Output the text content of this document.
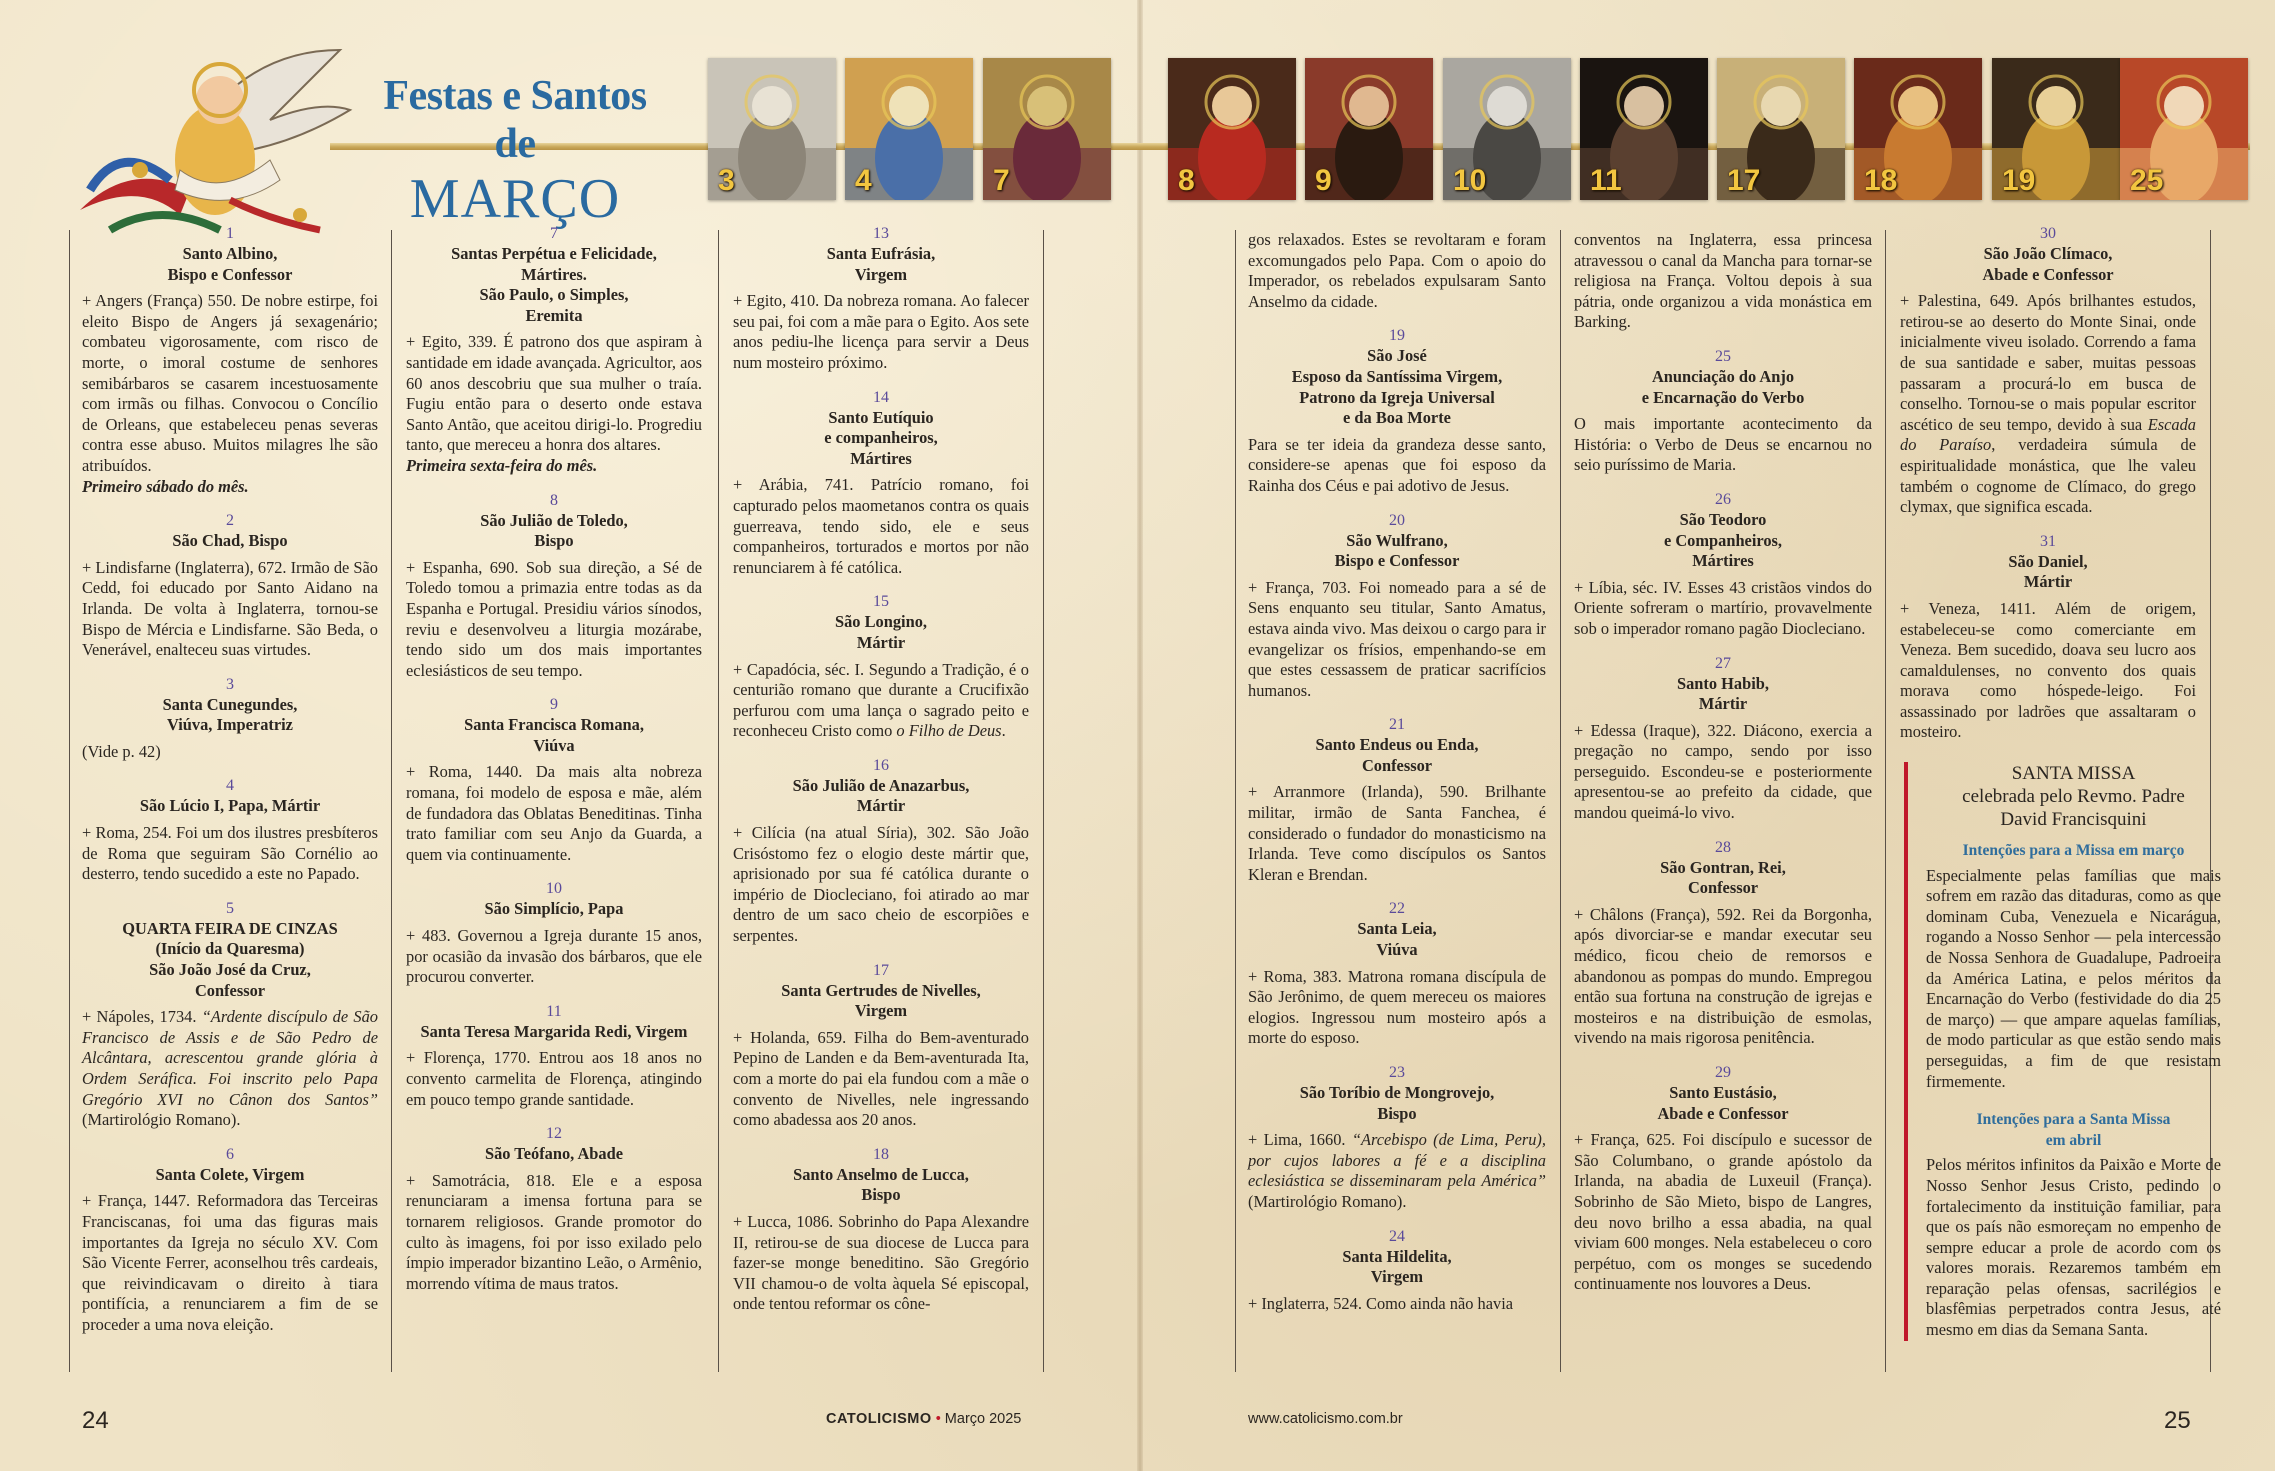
Festas e Santos de
MARÇO	3	4	7	8	9	10	11	17	18	19	25
1
Santo Albino,
Bispo e Confessor
+ Angers (França) 550. De nobre estirpe, foi eleito Bispo de Angers já sexagenário; combateu vigorosamente, com risco de morte, o imoral costume de senhores semibárbaros se casarem incestuosamente com irmãs ou filhas. Convocou o Concílio de Orleans, que estabeleceu penas severas contra esse abuso. Muitos milagres lhe são atribuídos.
Primeiro sábado do mês.
2
São Chad, Bispo
+ Lindisfarne (Inglaterra), 672. Irmão de São Cedd, foi educado por Santo Aidano na Irlanda. De volta à Inglaterra, tornou-se Bispo de Mércia e Lindisfarne. São Beda, o Venerável, enalteceu suas virtudes.
3
Santa Cunegundes,
Viúva, Imperatriz
(Vide p. 42)
4
São Lúcio I, Papa, Mártir
+ Roma, 254. Foi um dos ilustres presbíteros de Roma que seguiram São Cornélio ao desterro, tendo sucedido a este no Papado.
5
QUARTA FEIRA DE CINZAS
(Início da Quaresma)
São João José da Cruz,
Confessor
+ Nápoles, 1734. “Ardente discípulo de São Francisco de Assis e de São Pedro de Alcântara, acrescentou grande glória à Ordem Seráfica. Foi inscrito pelo Papa Gregório XVI no Cânon dos Santos” (Martirológio Romano).
6
Santa Colete, Virgem
+ França, 1447. Reformadora das Terceiras Franciscanas, foi uma das figuras mais importantes da Igreja no século XV. Com São Vicente Ferrer, aconselhou três cardeais, que reivindicavam o direito à tiara pontifícia, a renunciarem a fim de se proceder a uma nova eleição.
7
Santas Perpétua e Felicidade,
Mártires.
São Paulo, o Simples,
Eremita
+ Egito, 339. É patrono dos que aspiram à santidade em idade avançada. Agricultor, aos 60 anos descobriu que sua mulher o traía. Fugiu então para o deserto onde estava Santo Antão, que aceitou dirigi-lo. Progrediu tanto, que mereceu a honra dos altares.
Primeira sexta-feira do mês.
8
São Julião de Toledo,
Bispo
+ Espanha, 690. Sob sua direção, a Sé de Toledo tomou a primazia entre todas as da Espanha e Portugal. Presidiu vários sínodos, reviu e desenvolveu a liturgia mozárabe, tendo sido um dos mais importantes eclesiásticos de seu tempo.
9
Santa Francisca Romana,
Viúva
+ Roma, 1440. Da mais alta nobreza romana, foi modelo de esposa e mãe, além de fundadora das Oblatas Beneditinas. Tinha trato familiar com seu Anjo da Guarda, a quem via continuamente.
10
São Simplício, Papa
+ 483. Governou a Igreja durante 15 anos, por ocasião da invasão dos bárbaros, que ele procurou converter.
11
Santa Teresa Margarida Redi, Virgem
+ Florença, 1770. Entrou aos 18 anos no convento carmelita de Florença, atingindo em pouco tempo grande santidade.
12
São Teófano, Abade
+ Samotrácia, 818. Ele e a esposa renunciaram a imensa fortuna para se tornarem religiosos. Grande promotor do culto às imagens, foi por isso exilado pelo ímpio imperador bizantino Leão, o Armênio, morrendo vítima de maus tratos.
13
Santa Eufrásia,
Virgem
+ Egito, 410. Da nobreza romana. Ao falecer seu pai, foi com a mãe para o Egito. Aos sete anos pediu-lhe licença para servir a Deus num mosteiro próximo.
14
Santo Eutíquio
e companheiros,
Mártires
+ Arábia, 741. Patrício romano, foi capturado pelos maometanos contra os quais guerreava, tendo sido, ele e seus companheiros, torturados e mortos por não renunciarem à fé católica.
15
São Longino,
Mártir
+ Capadócia, séc. I. Segundo a Tradição, é o centurião romano que durante a Crucifixão perfurou com uma lança o sagrado peito e reconheceu Cristo como o Filho de Deus.
16
São Julião de Anazarbus,
Mártir
+ Cilícia (na atual Síria), 302. São João Crisóstomo fez o elogio deste mártir que, aprisionado por sua fé católica durante o império de Diocleciano, foi atirado ao mar dentro de um saco cheio de escorpiões e serpentes.
17
Santa Gertrudes de Nivelles,
Virgem
+ Holanda, 659. Filha do Bem-aventurado Pepino de Landen e da Bem-aventurada Ita, com a morte do pai ela fundou com a mãe o convento de Nivelles, nele ingressando como abadessa aos 20 anos.
18
Santo Anselmo de Lucca,
Bispo
+ Lucca, 1086. Sobrinho do Papa Alexandre II, retirou-se de sua diocese de Lucca para fazer-se monge beneditino. São Gregório VII chamou-o de volta àquela Sé episcopal, onde tentou reformar os cône-
gos relaxados. Estes se revoltaram e foram excomungados pelo Papa. Com o apoio do Imperador, os rebelados expulsaram Santo Anselmo da cidade.
19
São José
Esposo da Santíssima Virgem,
Patrono da Igreja Universal
e da Boa Morte
Para se ter ideia da grandeza desse santo, considere-se apenas que foi esposo da Rainha dos Céus e pai adotivo de Jesus.
20
São Wulfrano,
Bispo e Confessor
+ França, 703. Foi nomeado para a sé de Sens enquanto seu titular, Santo Amatus, estava ainda vivo. Mas deixou o cargo para ir evangelizar os frísios, empenhando-se em que estes cessassem de praticar sacrifícios humanos.
21
Santo Endeus ou Enda,
Confessor
+ Arranmore (Irlanda), 590. Brilhante militar, irmão de Santa Fanchea, é considerado o fundador do monasticismo na Irlanda. Teve como discípulos os Santos Kleran e Brendan.
22
Santa Leia,
Viúva
+ Roma, 383. Matrona romana discípula de São Jerônimo, de quem mereceu os maiores elogios. Ingressou num mosteiro após a morte do esposo.
23
São Toríbio de Mongrovejo,
Bispo
+ Lima, 1660. “Arcebispo (de Lima, Peru), por cujos labores a fé e a disciplina eclesiástica se disseminaram pela América” (Martirológio Romano).
24
Santa Hildelita,
Virgem
+ Inglaterra, 524. Como ainda não havia
conventos na Inglaterra, essa princesa atravessou o canal da Mancha para tornar-se religiosa na França. Voltou depois à sua pátria, onde organizou a vida monástica em Barking.
25
Anunciação do Anjo
e Encarnação do Verbo
O mais importante acontecimento da História: o Verbo de Deus se encarnou no seio puríssimo de Maria.
26
São Teodoro
e Companheiros,
Mártires
+ Líbia, séc. IV. Esses 43 cristãos vindos do Oriente sofreram o martírio, provavelmente sob o imperador romano pagão Diocleciano.
27
Santo Habib,
Mártir
+ Edessa (Iraque), 322. Diácono, exercia a pregação no campo, sendo por isso perseguido. Escondeu-se e posteriormente apresentou-se ao prefeito da cidade, que mandou queimá-lo vivo.
28
São Gontran, Rei,
Confessor
+ Châlons (França), 592. Rei da Borgonha, após divorciar-se e mandar executar seu médico, ficou cheio de remorsos e abandonou as pompas do mundo. Empregou então sua fortuna na construção de igrejas e mosteiros e na distribuição de esmolas, vivendo na mais rigorosa penitência.
29
Santo Eustásio,
Abade e Confessor
+ França, 625. Foi discípulo e sucessor de São Columbano, o grande apóstolo da Irlanda, na abadia de Luxeuil (França). Sobrinho de São Mieto, bispo de Langres, deu novo brilho a essa abadia, na qual viviam 600 monges. Nela estabeleceu o coro perpétuo, com os monges se sucedendo continuamente nos louvores a Deus.
30
São João Clímaco,
Abade e Confessor
+ Palestina, 649. Após brilhantes estudos, retirou-se ao deserto do Monte Sinai, onde inicialmente viveu isolado. Correndo a fama de sua santidade e saber, muitas pessoas passaram a procurá-lo em busca de conselho. Tornou-se o mais popular escritor ascético de seu tempo, devido à sua Escada do Paraíso, verdadeira súmula de espiritualidade monástica, que lhe valeu também o cognome de Clímaco, do grego clymax, que significa escada.
31
São Daniel,
Mártir
+ Veneza, 1411. Além de origem, estabeleceu-se como comerciante em Veneza. Bem sucedido, doava seu lucro aos camaldulenses, no convento dos quais morava como hóspede-leigo. Foi assassinado por ladrões que assaltaram o mosteiro.
SANTA MISSA
celebrada pelo Revmo. Padre
David Francisquini
Intenções para a Missa em março
Especialmente pelas famílias que mais sofrem em razão das ditaduras, como as que dominam Cuba, Venezuela e Nicarágua, rogando a Nosso Senhor — pela intercessão de Nossa Senhora de Guadalupe, Padroeira da América Latina, e pelos méritos da Encarnação do Verbo (festividade do dia 25 de março) — que ampare aquelas famílias, de modo particular as que estão sendo mais perseguidas, a fim de que resistam firmemente.
Intenções para a Santa Missa
em abril
Pelos méritos infinitos da Paixão e Morte de Nosso Senhor Jesus Cristo, pedindo o fortalecimento da instituição familiar, para que os país não esmoreçam no empenho de sempre educar a prole de acordo com os valores morais. Rezaremos também em reparação pelas ofensas, sacrilégios e blasfêmias perpetrados contra Jesus, até mesmo em dias da Semana Santa.
24	CATOLICISMO • Março 2025	www.catolicismo.com.br	25
